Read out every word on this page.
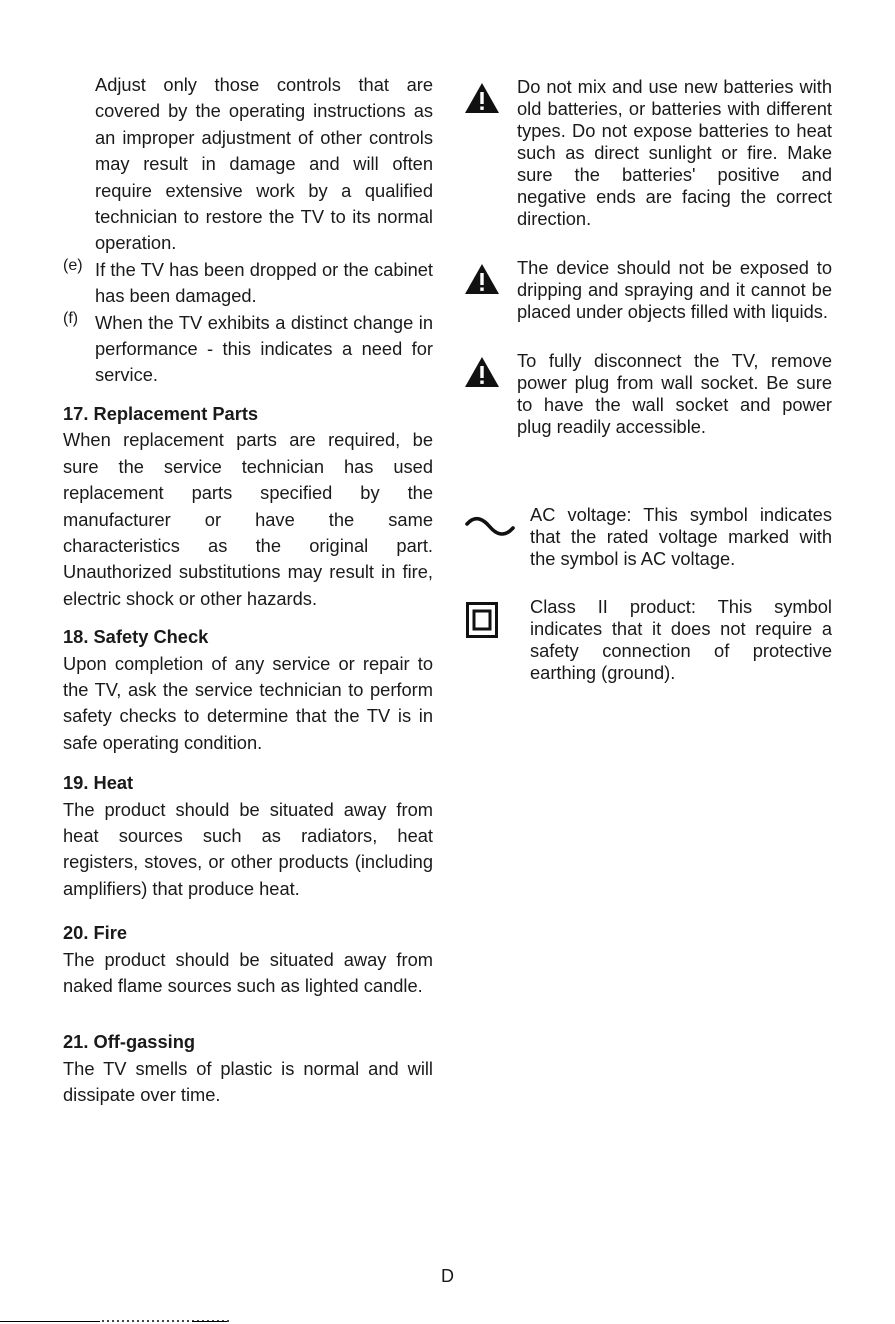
Adjust only those controls that are covered by the operating instructions as an improper adjustment of other controls may result in damage and will often require extensive work by a qualified technician to restore the TV to its normal operation.

(e) If the TV has been dropped or the cabinet has been damaged.

(f) When the TV exhibits a distinct change in performance - this indicates a need for service.

17. Replacement Parts

When replacement parts are required, be sure the service technician has used replacement parts specified by the manufacturer or have the same characteristics as the original part. Unauthorized substitutions may result in fire, electric shock or other hazards.

18. Safety Check

Upon completion of any service or repair to the TV, ask the service technician to perform safety checks to determine that the TV is in safe operating condition.

19. Heat

The product should be situated away from heat sources such as radiators, heat registers, stoves, or other products (including amplifiers) that produce heat.

20. Fire

The product should be situated away from naked flame sources such as lighted candle.

21. Off-gassing

The TV smells of plastic is normal and will dissipate over time.

Do not mix and use new batteries with old batteries, or batteries with different types. Do not expose batteries to heat such as direct sunlight or fire. Make sure the batteries' positive and negative ends are facing the correct direction.

The device should not be exposed to dripping and spraying and it cannot be placed under objects filled with liquids.

To fully disconnect the TV, remove power plug from wall socket. Be sure to have the wall socket and power plug readily accessible.

AC voltage: This symbol indicates that the rated voltage marked with the symbol is AC voltage.

Class II product: This symbol indicates that it does not require a safety connection of protective earthing (ground).

D
